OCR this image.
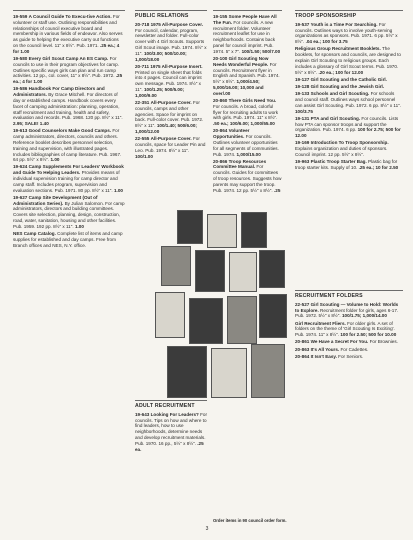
19-559 A Council Guide To Execu-tive Action. For volunteer or staff use. Outlining responsibilities and relationships of council executive board and membership in various fields of endeavor. Also serves as guide to helping the executive carry out functions on the council level. 11" x 8½". Pub. 1971. .25 ea.; 4 for 1.00
19-580 Every Girl Scout Camp An ES Camp. For councils to use in their program objectives for camp. Outlines specific ways girls can plan and run camp activities. 12 pp., col. cover, 11" x 8½". Pub. 1972. .25 ea.; 4 for 1.00
19-586 Handbook For Camp Directors and Administrators. By Grace Mitchell. For directors of day or established camps. Handbook covers every facet of camping administration: planning, operation, staff recruitment and training, health and safety, evaluation and records. Pub. 1968. 120 pp. 8½" x 11". 2.95; SALE! 1.40
19-613 Good Counselors Make Good Camps. For camp administrators, directors, councils and others. Reference booklet describes personnel selection, training and supervision, with illustrated pages. Includes bibliographies of camp literature. Pub. 1967. 64 pp. 5½" x 8½". 1.00
19-624 Camp Supplements For Leaders' Workbook and Guide To Helping Leaders. Provides means of individual supervision training for camp director and camp staff. Includes program, supervision and evaluation sections. Pub. 1971. 80 pp. 8½" x 11". 1.00
19-627 Camp Site Development (Out of Administration Series). By Julian Salomon. For camp administrators, directors and building committees. Covers site selection, planning, design, construction, road, water, sanitation, housing and other facilities. Pub. 1959. 192 pp. 8½" x 11". 1.00
NES Camp Catalog. Complete list of items and camp supplies for established and day camps. Free from Branch offices and NES, N.Y. office.
PUBLIC RELATIONS
20-718 1975 All-Purpose Cover. For council, calendar, program, newsletter and folder. Full-color cover with 4 Girl Scouts. Supports Girl Scout image. Pub. 1974. 8½" x 11". 100/3.00; 500/10.00; 1,000/18.00
20-711 1975 All-Purpose Insert. Printed on single sheet that folds into 4 pages. Council can imprint own message. Pub. 1974. 8½" x 11". 100/1.25; 500/5.00; 1,000/9.00
22-351 All-Purpose Cover. For councils, camps and other agencies. Space for imprint on back. Full-color cover. Pub. 1972. 8½" x 11". 100/1.40; 500/6.00; 1,000/12.00
22-555 All-Purpose Cover. For councils, space for Leader Pin and Leo. Pub. 1974. 8½" x 11". 100/1.00
19-155 Some People Have All The Fun. For councils. A new recruitment folder. Volunteer recruitment leaflet for use in neighborhoods. Contains back panel for council imprint. Pub. 1974. 5" x 7". 100/1.50; 500/7.00
20-100 Girl Scouting Now Needs Wonderful People. For councils. Recruitment flyer in English and Spanish. Pub. 1974. 5½" x 8½". 1,000/4.50; 5,000/16.00; 10,000 and over/.00
20-860 There Girls Need You. For councils. A broad, colorful flyer for recruiting adults to work with girls. Pub. 1974. 11" x 8½". .50 ea.; 100/6.00; 1,000/55.00
20-864 Volunteer Opportunities. For councils. Outlines volunteer opportunities for all segments of communities. Pub. 1974. 1,000/15.00
20-866 Troop Resources Committee Manual. For councils. Guides for committees of troop resources. Suggests how parents may support the troop. Pub. 1974. 12 pp. 5½" x 8½". .25
TROOP SPONSORSHIP
19-537 Youth is a Time For Searching. For councils. Outlines ways to involve youth-serving organizations as sponsors. Pub. 1971. 6 pp. 5½" x 8½". .04 ea.; 100 for 3.75
Religious Group Recruitment Booklets. The booklets, for sponsors and councils, are designed to explain Girl Scouting to religious groups. Each includes a glossary of Girl Scout terms. Pub. 1970. 5½" x 8½". .20 ea.; 100 for 12.00
19-127 Girl Scouting and the Catholic Girl.
19-128 Girl Scouting and the Jewish Girl.
19-133 Schools and Girl Scouting. For schools and council staff. Outlines ways school personnel can assist Girl Scouting. Pub. 1972. 6 pp. 8½" x 11". 100/3.75
19-131 PTA and Girl Scouting. For councils. Lists how PTA can sponsor troops and support the organization. Pub. 1974. 6 pp. 100 for 2.75; 500 for 12.00
19-169 Introduction To Troop Sponsorship. Explains organization and duties of sponsors. Council imprint. 12 pp. 5½" x 8½".
19-963 Plastic Troop Starter Bag. Plastic bag for troop starter kits. Supply of 10. .25 ea.; 10 for 2.50
ADULT RECRUITMENT
19-643 Looking For Leaders? For councils. Tips on how and where to find leaders, how to use neighborhoods, determine needs and develop recruitment materials. Pub. 1970. 16 pp., 5½" x 8½". .25 ea.
RECRUITMENT FOLDERS
22-527 Girl Scouting — Volume to Hold: Worlds to Explore. Recruitment folder for girls, ages 6-17. Pub. 1972. 5½" x 8½". 100/1.75; 1,000/14.00
Girl Recruitment Fliers. For older girls. A set of folders on the theme of 'Girl Scouting Is Exciting'. Pub. 1974. 11" x 8½". 100 for 2.50; 500 for 10.00
20-861 We Have a Secret For You. For Brownies.
20-863 It's All Yours. For Cadettes.
20-864 It Isn't Easy. For Seniors.
Order items in 90 council order form.
3
